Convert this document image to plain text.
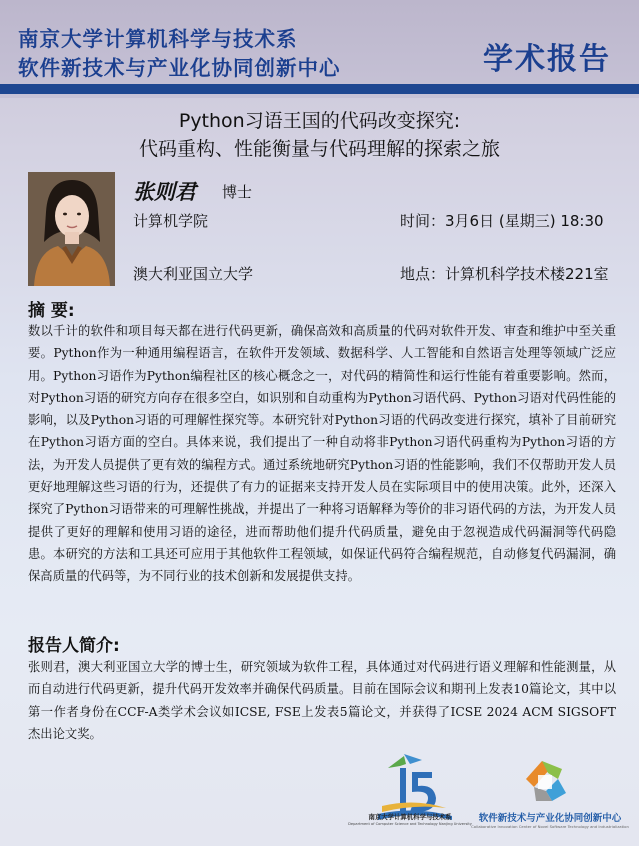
南京大学计算机科学与技术系
软件新技术与产业化协同创新中心	学术报告
Python习语王国的代码改变探究:
代码重构、性能衡量与代码理解的探索之旅
张则君 博士
计算机学院
澳大利亚国立大学
时间：3月6日 (星期三) 18:30
地点：计算机科学技术楼221室
摘 要:
数以千计的软件和项目每天都在进行代码更新，确保高效和高质量的代码对软件开发、审查和维护中至关重要。Python作为一种通用编程语言，在软件开发领域、数据科学、人工智能和自然语言处理等领域广泛应用。Python习语作为Python编程社区的核心概念之一，对代码的精简性和运行性能有着重要影响。然而，对Python习语的研究方向存在很多空白，如识别和自动重构为Python习语代码、Python习语对代码性能的影响，以及Python习语的可理解性探究等。本研究针对Python习语的代码改变进行探究，填补了目前研究在Python习语方面的空白。具体来说，我们提出了一种自动将非Python习语代码重构为Python习语的方法，为开发人员提供了更有效的编程方式。通过系统地研究Python习语的性能影响，我们不仅帮助开发人员更好地理解这些习语的行为，还提供了有力的证据来支持开发人员在实际项目中的使用决策。此外，还深入探究了Python习语带来的可理解性挑战，并提出了一种将习语解释为等价的非习语代码的方法，为开发人员提供了更好的理解和使用习语的途径，进而帮助他们提升代码质量，避免由于忽视造成代码漏洞等代码隐患。本研究的方法和工具还可应用于其他软件工程领域，如保证代码符合编程规范，自动修复代码漏洞，确保高质量的代码等，为不同行业的技术创新和发展提供支持。
报告人简介:
张则君，澳大利亚国立大学的博士生，研究领域为软件工程，具体通过对代码进行语义理解和性能测量，从而自动进行代码更新，提升代码开发效率并确保代码质量。目前在国际会议和期刊上发表10篇论文，其中以第一作者身份在CCF-A类学术会议如ICSE, FSE上发表5篇论文，并获得了ICSE 2024 ACM SIGSOFT 杰出论文奖。
南京大学计算机科学与技术系
Department of Computer Science and Technology Nanjing University 软件新技术与产业化协同创新中心
Collaborative Innovation Center of Novel Software Technology and Industrialization
